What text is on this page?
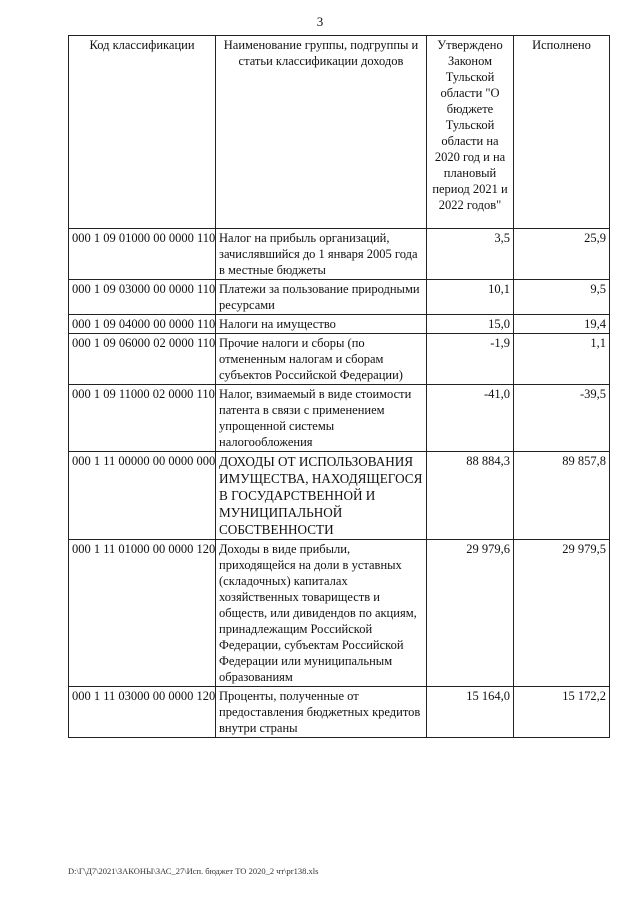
3
Код классификации	Наименование группы, подгруппы и статьи классификации доходов	Утверждено Законом Тульской области "О бюджете Тульской области на 2020 год и на плановый период 2021 и 2022 годов"	Исполнено
000 1 09 01000 00 0000 110	Налог на прибыль организаций, зачислявшийся до 1 января 2005 года в местные бюджеты	3,5	25,9
000 1 09 03000 00 0000 110	Платежи за пользование природными ресурсами	10,1	9,5
000 1 09 04000 00 0000 110	Налоги на имущество	15,0	19,4
000 1 09 06000 02 0000 110	Прочие налоги и сборы (по отмененным налогам и сборам субъектов Российской Федерации)	-1,9	1,1
000 1 09 11000 02 0000 110	Налог, взимаемый в виде стоимости патента в связи с применением упрощенной системы налогообложения	-41,0	-39,5
000 1 11 00000 00 0000 000	ДОХОДЫ ОТ ИСПОЛЬЗОВАНИЯ ИМУЩЕСТВА, НАХОДЯЩЕГОСЯ В ГОСУДАРСТВЕННОЙ И МУНИЦИПАЛЬНОЙ СОБСТВЕННОСТИ	88 884,3	89 857,8
000 1 11 01000 00 0000 120	Доходы в виде прибыли, приходящейся на доли в уставных (складочных) капиталах хозяйственных товариществ и обществ, или дивидендов по акциям, принадлежащим Российской Федерации, субъектам Российской Федерации или муниципальным образованиям	29 979,6	29 979,5
000 1 11 03000 00 0000 120	Проценты, полученные от предоставления бюджетных кредитов внутри страны	15 164,0	15 172,2
D:\Г\Д7\2021\ЗАКОНЫ\ЗАС_27\Исп. бюджет ТО 2020_2 чт\pr138.xls
